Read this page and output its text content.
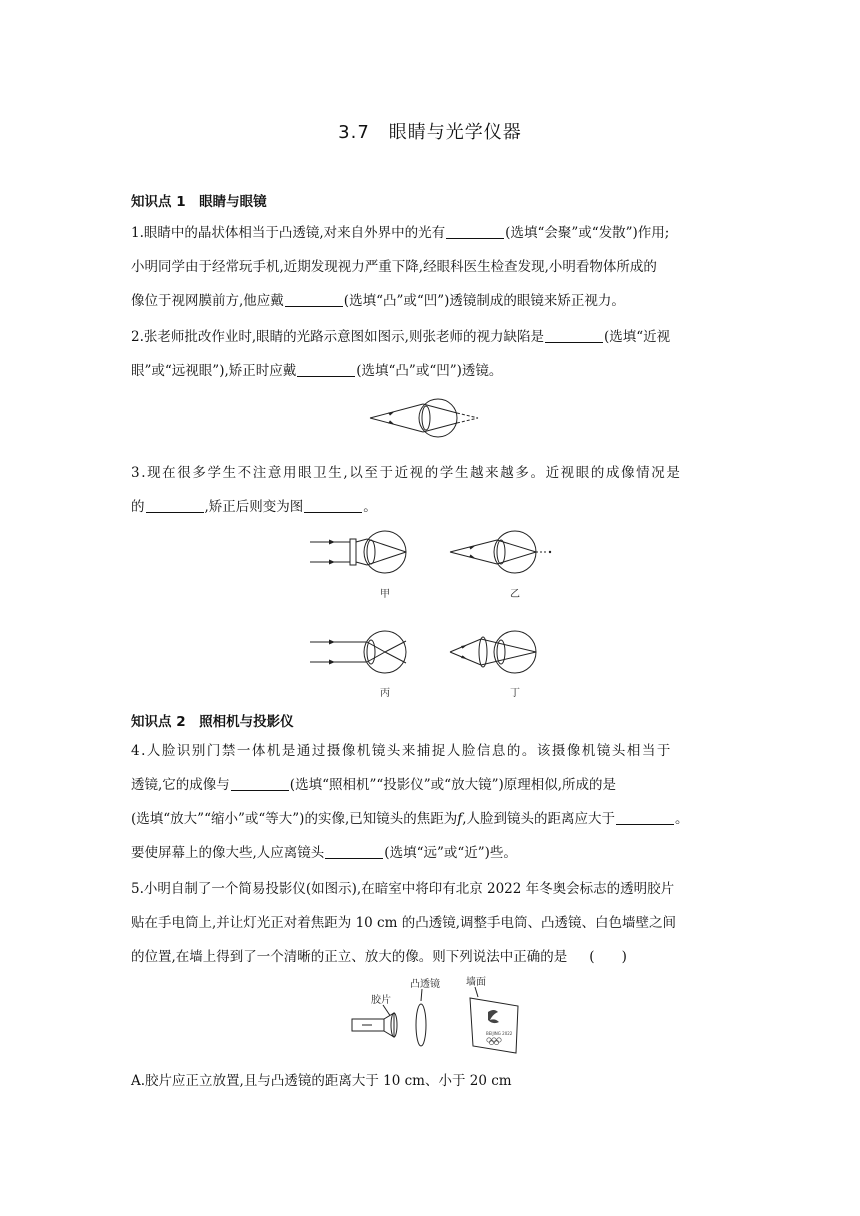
3.7　眼睛与光学仪器
知识点 1　眼睛与眼镜
1.眼睛中的晶状体相当于凸透镜,对来自外界中的光有	(选填“会聚”或“发散”)作用;
小明同学由于经常玩手机,近期发现视力严重下降,经眼科医生检查发现,小明看物体所成的
像位于视网膜前方,他应戴	(选填“凸”或“凹”)透镜制成的眼镜来矫正视力。
2.张老师批改作业时,眼睛的光路示意图如图示,则张老师的视力缺陷是	(选填“近视
眼”或“远视眼”),矫正时应戴	(选填“凸”或“凹”)透镜。
3.现在很多学生不注意用眼卫生,以至于近视的学生越来越多。近视眼的成像情况是
的	,矫正后则变为图	。
甲	乙
丙	丁
知识点 2　照相机与投影仪
4.人脸识别门禁一体机是通过摄像机镜头来捕捉人脸信息的。该摄像机镜头相当于
透镜,它的成像与	(选填“照相机”“投影仪”或“放大镜”)原理相似,所成的是
(选填“放大”“缩小”或“等大”)的实像,已知镜头的焦距为f,人脸到镜头的距离应大于	。
要使屏幕上的像大些,人应离镜头	(选填“远”或“近”)些。
5.小明自制了一个简易投影仪(如图示),在暗室中将印有北京 2022 年冬奥会标志的透明胶片
贴在手电筒上,并让灯光正对着焦距为 10 cm 的凸透镜,调整手电筒、凸透镜、白色墙壁之间
的位置,在墙上得到了一个清晰的正立、放大的像。则下列说法中正确的是 (　　)
胶片
凸透镜	墙面
BEIJING 2022
A.胶片应正立放置,且与凸透镜的距离大于 10 cm、小于 20 cm
